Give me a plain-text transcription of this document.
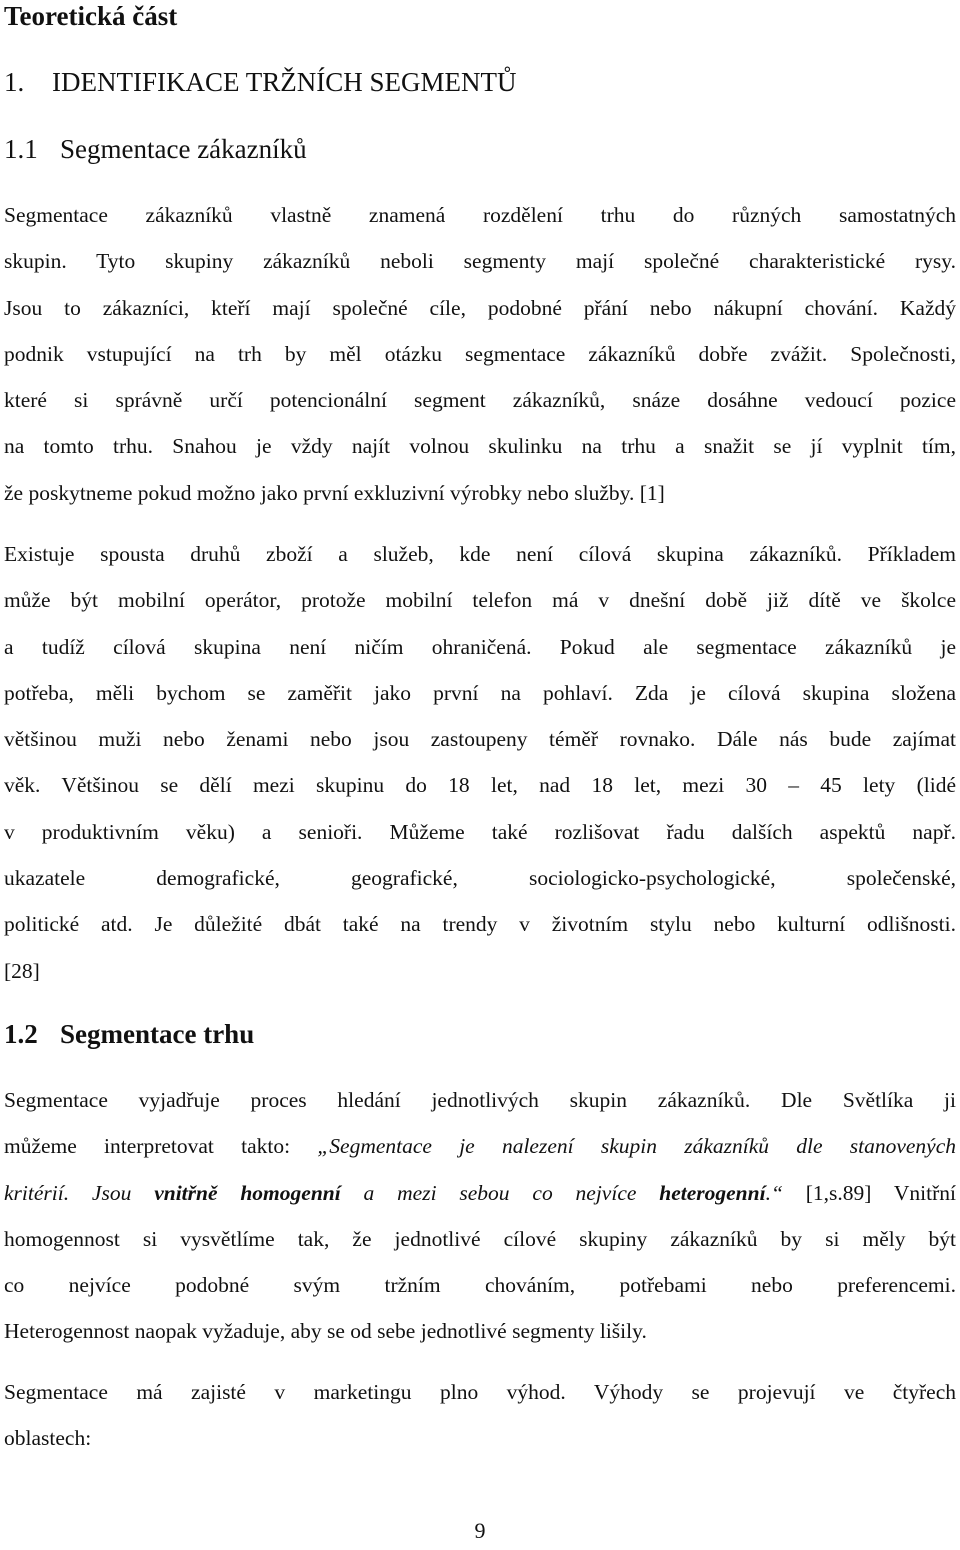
Teoretická část
1. IDENTIFIKACE TRŽNÍCH SEGMENTŮ
1.1 Segmentace zákazníků

Segmentace zákazníků vlastně znamená rozdělení trhu do různých samostatných
skupin. Tyto skupiny zákazníků neboli segmenty mají společné charakteristické rysy.
Jsou to zákazníci, kteří mají společné cíle, podobné přání nebo nákupní chování. Každý
podnik vstupující na trh by měl otázku segmentace zákazníků dobře zvážit. Společnosti,
které si správně určí potencionální segment zákazníků, snáze dosáhne vedoucí pozice
na tomto trhu. Snahou je vždy najít volnou skulinku na trhu a snažit se jí vyplnit tím,
že poskytneme pokud možno jako první exkluzivní výrobky nebo služby. [1]

Existuje spousta druhů zboží a služeb, kde není cílová skupina zákazníků. Příkladem
může být mobilní operátor, protože mobilní telefon má v dnešní době již dítě ve školce
a tudíž cílová skupina není ničím ohraničená. Pokud ale segmentace zákazníků je
potřeba, měli bychom se zaměřit jako první na pohlaví. Zda je cílová skupina složena
většinou muži nebo ženami nebo jsou zastoupeny téměř rovnako. Dále nás bude zajímat
věk. Většinou se dělí mezi skupinu do 18 let, nad 18 let, mezi 30 – 45 lety (lidé
v produktivním věku) a senioři. Můžeme také rozlišovat řadu dalších aspektů např.
ukazatele demografické, geografické, sociologicko-psychologické, společenské,
politické atd. Je důležité dbát také na trendy v životním stylu nebo kulturní odlišnosti.
[28]

1.2 Segmentace trhu

Segmentace vyjadřuje proces hledání jednotlivých skupin zákazníků. Dle Světlíka ji
můžeme interpretovat takto: „Segmentace je nalezení skupin zákazníků dle stanovených
kritérií. Jsou vnitřně homogenní a mezi sebou co nejvíce heterogenní.“ [1,s.89] Vnitřní
homogennost si vysvětlíme tak, že jednotlivé cílové skupiny zákazníků by si měly být
co nejvíce podobné svým tržním chováním, potřebami nebo preferencemi.
Heterogennost naopak vyžaduje, aby se od sebe jednotlivé segmenty lišily.

Segmentace má zajisté v marketingu plno výhod. Výhody se projevují ve čtyřech
oblastech:

9
